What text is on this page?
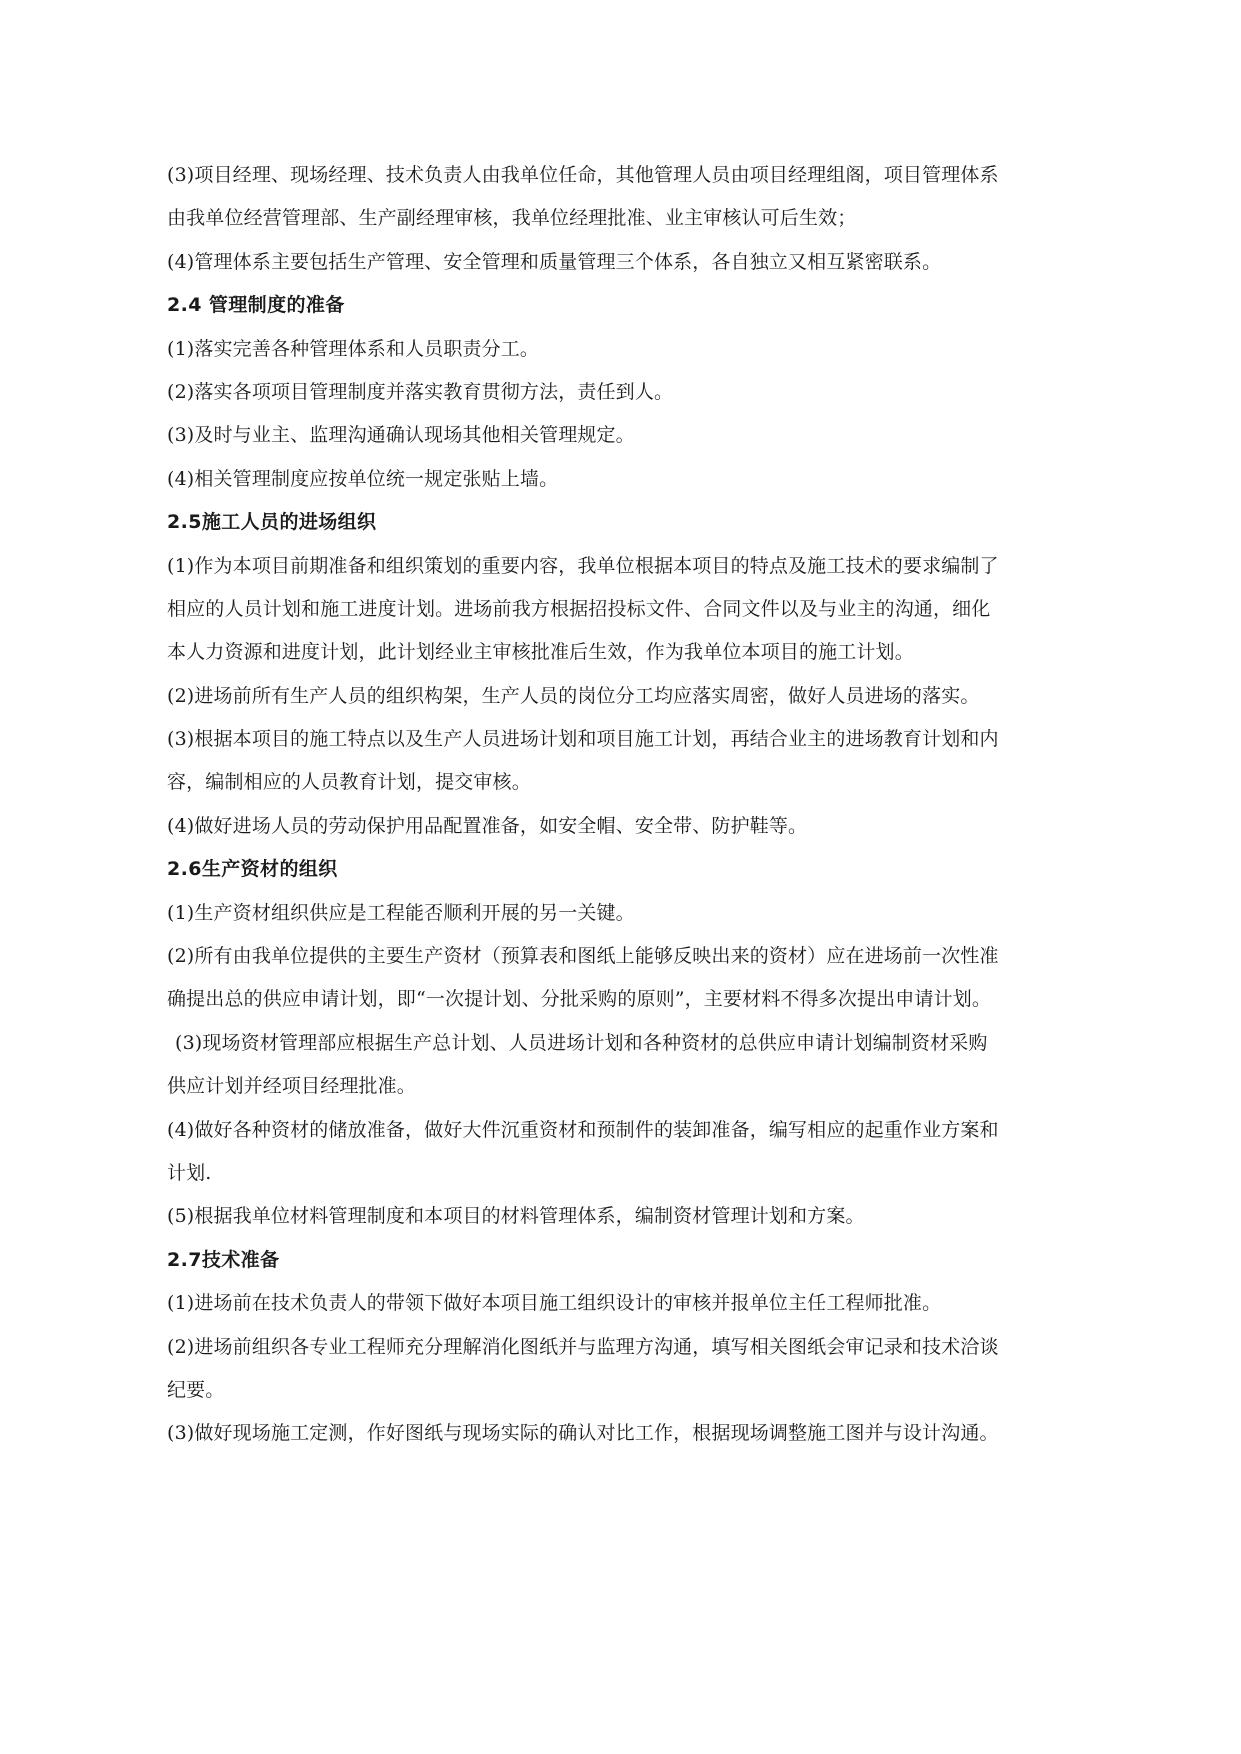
(3)项目经理、现场经理、技术负责人由我单位任命，其他管理人员由项目经理组阁，项目管理体系
由我单位经营管理部、生产副经理审核，我单位经理批准、业主审核认可后生效；
(4)管理体系主要包括生产管理、安全管理和质量管理三个体系，各自独立又相互紧密联系。
2.4 管理制度的准备
(1)落实完善各种管理体系和人员职责分工。
(2)落实各项项目管理制度并落实教育贯彻方法，责任到人。
(3)及时与业主、监理沟通确认现场其他相关管理规定。
(4)相关管理制度应按单位统一规定张贴上墙。
2.5施工人员的进场组织
(1)作为本项目前期准备和组织策划的重要内容，我单位根据本项目的特点及施工技术的要求编制了
相应的人员计划和施工进度计划。进场前我方根据招投标文件、合同文件以及与业主的沟通，细化
本人力资源和进度计划，此计划经业主审核批准后生效，作为我单位本项目的施工计划。
(2)进场前所有生产人员的组织构架，生产人员的岗位分工均应落实周密，做好人员进场的落实。
(3)根据本项目的施工特点以及生产人员进场计划和项目施工计划，再结合业主的进场教育计划和内
容，编制相应的人员教育计划，提交审核。
(4)做好进场人员的劳动保护用品配置准备，如安全帽、安全带、防护鞋等。
2.6生产资材的组织
(1)生产资材组织供应是工程能否顺利开展的另一关键。
(2)所有由我单位提供的主要生产资材（预算表和图纸上能够反映出来的资材）应在进场前一次性准
确提出总的供应申请计划，即“一次提计划、分批采购的原则”，主要材料不得多次提出申请计划。
(3)现场资材管理部应根据生产总计划、人员进场计划和各种资材的总供应申请计划编制资材采购
供应计划并经项目经理批准。
(4)做好各种资材的储放准备，做好大件沉重资材和预制件的装卸准备，编写相应的起重作业方案和
计划.
(5)根据我单位材料管理制度和本项目的材料管理体系，编制资材管理计划和方案。
2.7技术准备
(1)进场前在技术负责人的带领下做好本项目施工组织设计的审核并报单位主任工程师批准。
(2)进场前组织各专业工程师充分理解消化图纸并与监理方沟通，填写相关图纸会审记录和技术洽谈
纪要。
(3)做好现场施工定测，作好图纸与现场实际的确认对比工作，根据现场调整施工图并与设计沟通。
